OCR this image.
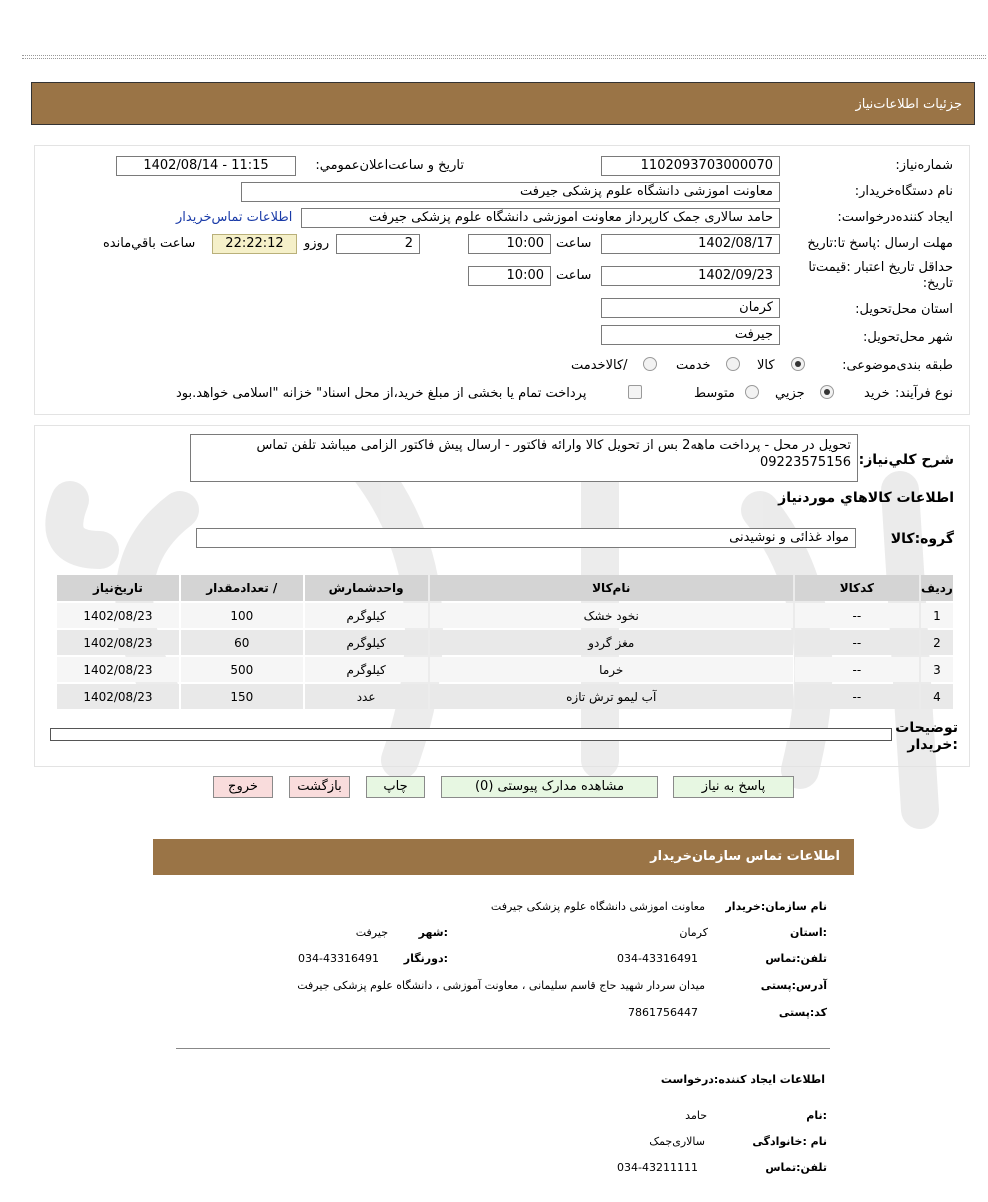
جزئیات اطلاعات‌نیاز
شماره‌نیاز:
1102093703000070
تاریخ و ساعت‌اعلان‌عمومي:
1402/08/14 - 11:15
نام دستگاه‌خریدار:
معاونت اموزشی دانشگاه علوم پزشکی جیرفت
ایجاد کننده‌درخواست:
حامد سالاری جمک کارپرداز معاونت اموزشی دانشگاه علوم پزشکی جیرفت
اطلاعات تماس‌خریدار
مهلت ارسال :پاسخ تا:تاریخ
1402/08/17
ساعت
10:00
2
روزو
22:22:12
ساعت باقي‌مانده
حداقل تاریخ اعتبار :قیمت‌تا
تاریخ:
1402/09/23
ساعت
10:00
استان محل‌تحویل:
کرمان
شهر محل‌تحویل:
جیرفت
طبقه بندی‌موضوعی:
کالا
خدمت
/کالاخدمت
نوع فرآیند:
خرید
جزيي
متوسط
پرداخت تمام یا بخشی از مبلغ خرید،از محل اسناد" خزانه "اسلامی خواهد.بود
شرح کلي‌نیاز:
تحویل در محل - پرداخت ماهه2 بس از تحویل کالا وارائه فاکتور - ارسال پیش فاکتور الزامی میباشد تلفن تماس 09223575156
اطلاعات کالاهاي موردنیاز
گروه:کالا
مواد غذائی و نوشیدنی
ردیف	کدکالا	نام‌کالا	واحدشمارش	/ تعدادمقدار	تاریخ‌نیاز
1	--	نخود خشک	کیلوگرم	100	1402/08/23
2	--	مغز گردو	کیلوگرم	60	1402/08/23
3	--	خرما	کیلوگرم	500	1402/08/23
4	--	آب لیمو ترش تازه	عدد	150	1402/08/23
توضیحات
:خریدار
پاسخ به نیاز
مشاهده مدارک پیوستی (0)
چاپ
بازگشت
خروج
اطلاعات تماس سازمان‌خریدار
نام سازمان:خریدار
معاونت اموزشی دانشگاه علوم پزشکی جیرفت
:استان
کرمان
:شهر
جیرفت
تلفن:تماس
034-43316491
:دورنگار
034-43316491
آدرس:پستی
میدان سردار شهید حاج قاسم سلیمانی ، معاونت آموزشی ، دانشگاه علوم پزشکی جیرفت
کد:پستی
7861756447
اطلاعات ایجاد کننده:درخواست
:نام
حامد
نام :خانوادگی
سالاری‌جمک
تلفن:تماس
034-43211111
